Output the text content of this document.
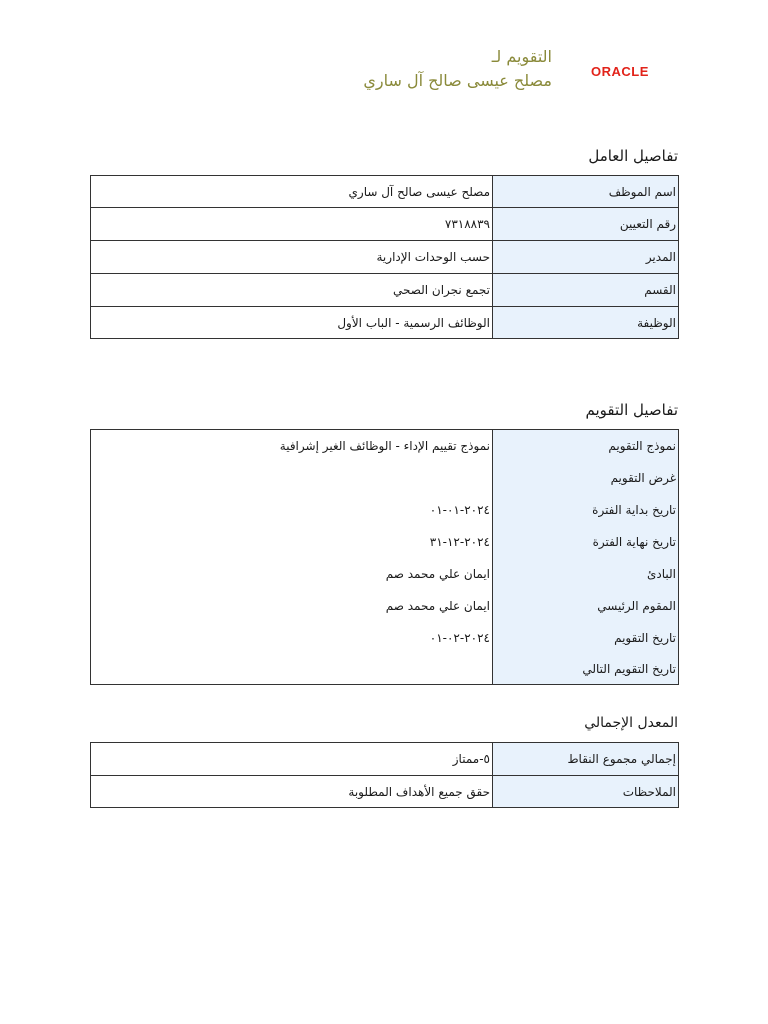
ORACLE
التقويم لـ
مصلح عيسى صالح آل ساري
تفاصيل العامل
اسم الموظف	مصلح عيسى صالح آل ساري
رقم التعيين	٧٣١٨٨٣٩
المدير	حسب الوحدات الإدارية
القسم	تجمع نجران الصحي
الوظيفة	الوظائف الرسمية - الباب الأول
تفاصيل التقويم
نموذج التقويم	نموذج تقييم الإداء - الوظائف الغير إشرافية
غرض التقويم	
تاريخ بداية الفترة	٢٠٢٤-٠١-٠١
تاريخ نهاية الفترة	٢٠٢٤-١٢-٣١
البادئ	ايمان علي محمد صم
المقوم الرئيسي	ايمان علي محمد صم
تاريخ التقويم	٢٠٢٤-٠٢-٠١
تاريخ التقويم التالي	
المعدل الإجمالي
إجمالي مجموع النقاط	٥-ممتاز
الملاحظات	حقق جميع الأهداف المطلوبة
